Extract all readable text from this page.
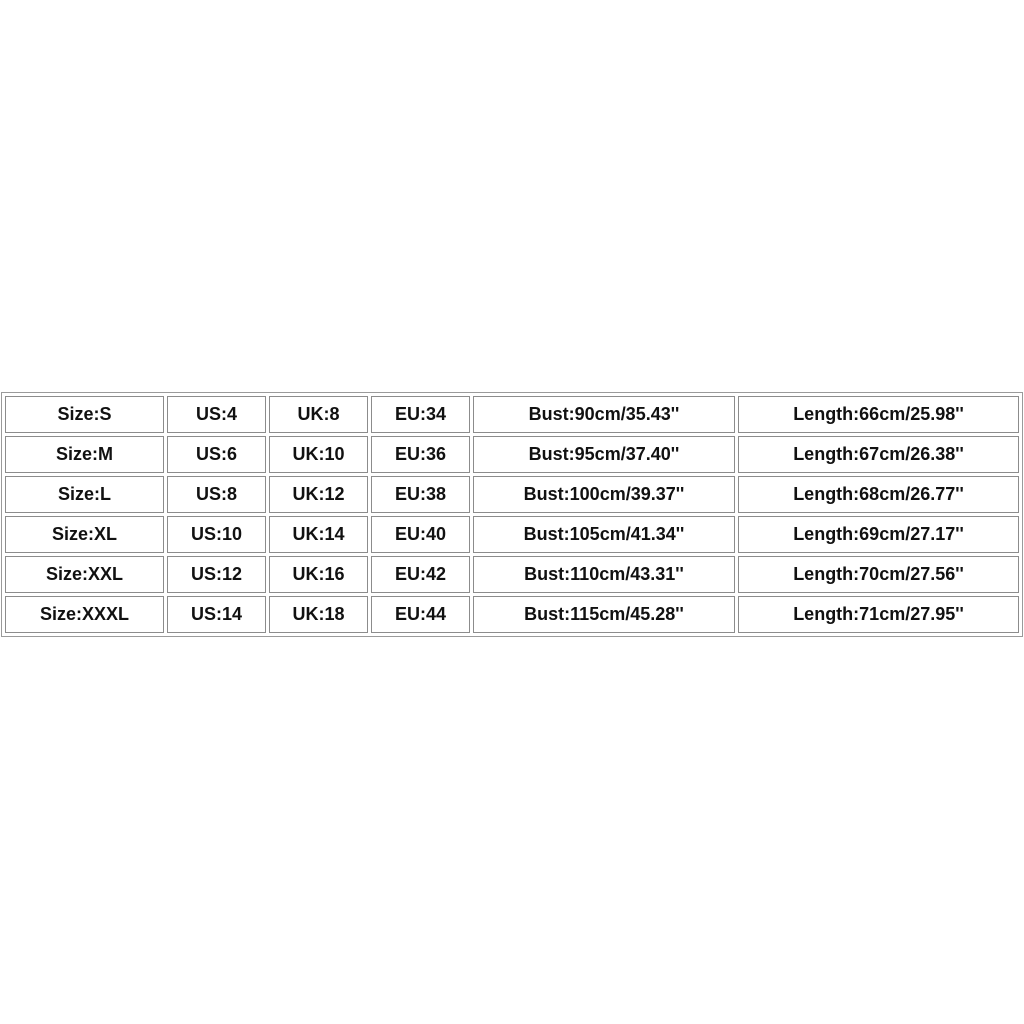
Size:S	US:4	UK:8	EU:34	Bust:90cm/35.43''	Length:66cm/25.98''
Size:M	US:6	UK:10	EU:36	Bust:95cm/37.40''	Length:67cm/26.38''
Size:L	US:8	UK:12	EU:38	Bust:100cm/39.37''	Length:68cm/26.77''
Size:XL	US:10	UK:14	EU:40	Bust:105cm/41.34''	Length:69cm/27.17''
Size:XXL	US:12	UK:16	EU:42	Bust:110cm/43.31''	Length:70cm/27.56''
Size:XXXL	US:14	UK:18	EU:44	Bust:115cm/45.28''	Length:71cm/27.95''
